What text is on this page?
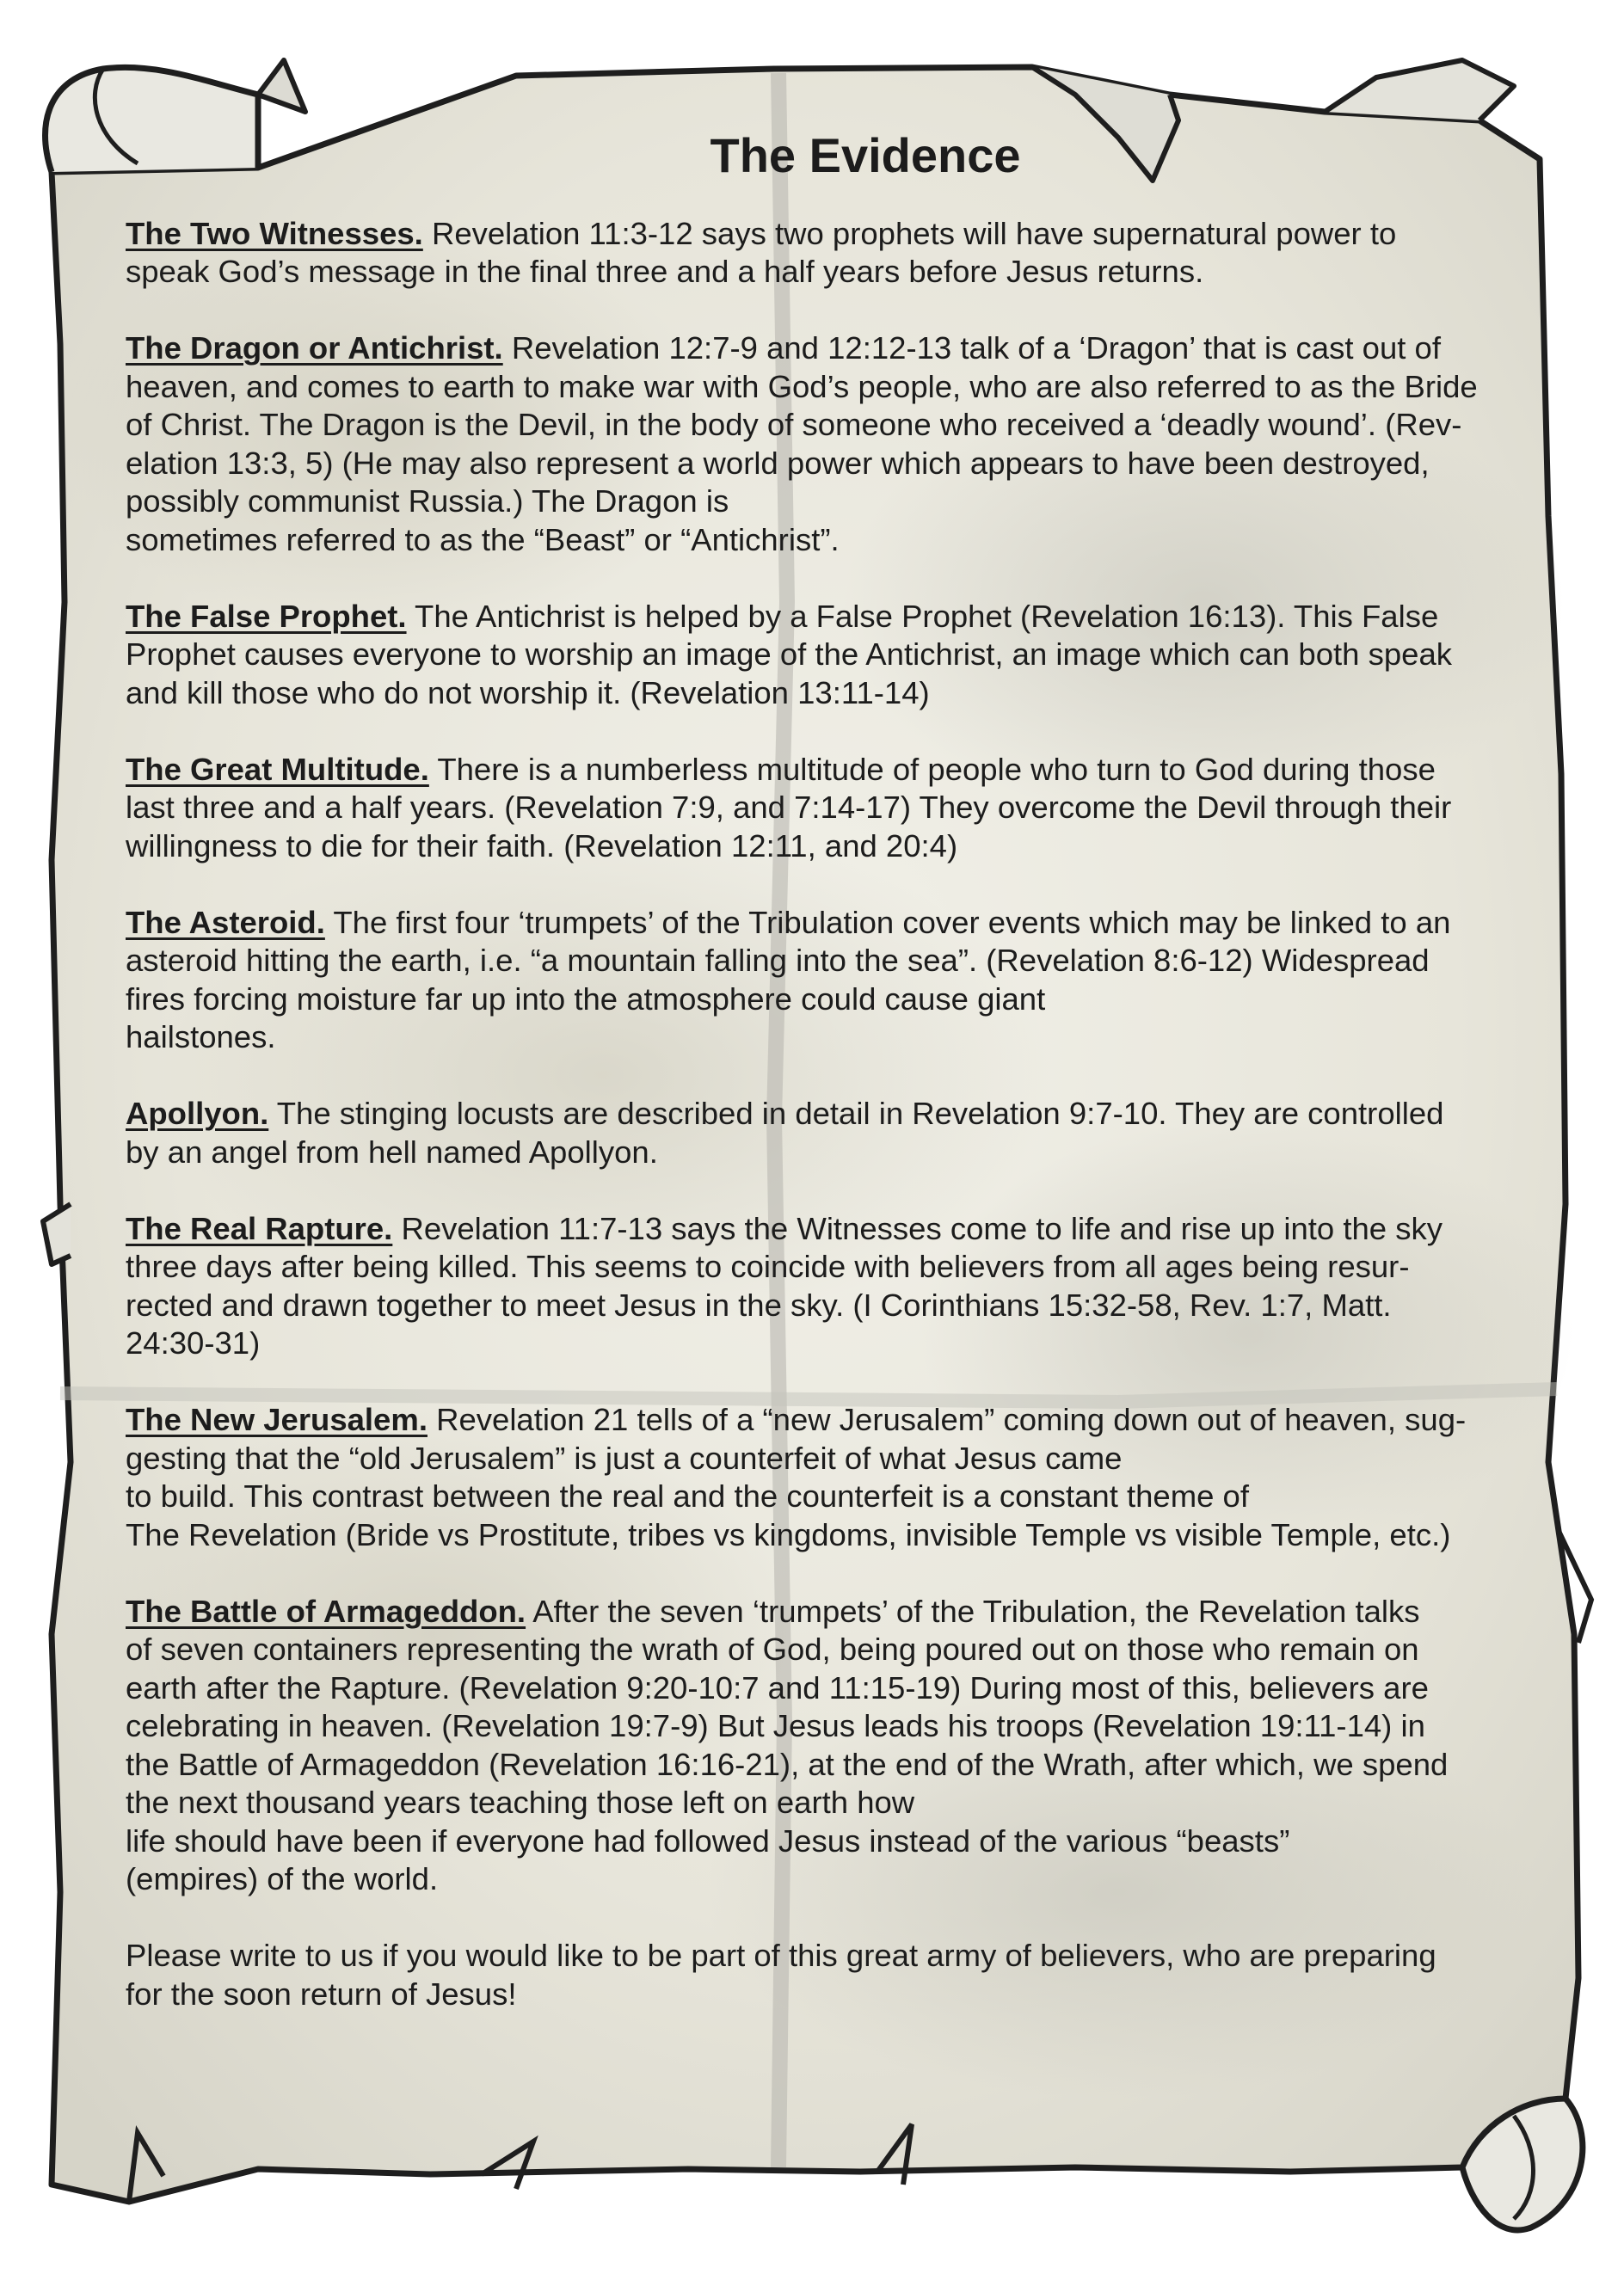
The Evidence
The Two Witnesses. Revelation 11:3-12 says two prophets will have supernatural power to
speak God’s message in the final three and a half years before Jesus returns.
The Dragon or Antichrist. Revelation 12:7-9 and 12:12-13 talk of a ‘Dragon’ that is cast out of
heaven, and comes to earth to make war with God’s people, who are also referred to as the Bride
of Christ. The Dragon is the Devil, in the body of someone who received a ‘deadly wound’. (Rev-
elation 13:3, 5) (He may also represent a world power which appears to have been destroyed,
possibly communist Russia.) The Dragon is
sometimes referred to as the “Beast” or “Antichrist”.
The False Prophet. The Antichrist is helped by a False Prophet (Revelation 16:13). This False
Prophet causes everyone to worship an image of the Antichrist, an image which can both speak
and kill those who do not worship it. (Revelation 13:11-14)
The Great Multitude. There is a numberless multitude of people who turn to God during those
last three and a half years. (Revelation 7:9, and 7:14-17) They overcome the Devil through their
willingness to die for their faith. (Revelation 12:11, and 20:4)
The Asteroid. The first four ‘trumpets’ of the Tribulation cover events which may be linked to an
asteroid hitting the earth, i.e. “a mountain falling into the sea”. (Revelation 8:6-12) Widespread
fires forcing moisture far up into the atmosphere could cause giant
hailstones.
Apollyon. The stinging locusts are described in detail in Revelation 9:7-10. They are controlled
by an angel from hell named Apollyon.
The Real Rapture. Revelation 11:7-13 says the Witnesses come to life and rise up into the sky
three days after being killed. This seems to coincide with believers from all ages being resur-
rected and drawn together to meet Jesus in the sky. (I Corinthians 15:32-58, Rev. 1:7, Matt.
24:30-31)
The New Jerusalem. Revelation 21 tells of a “new Jerusalem” coming down out of heaven, sug-
gesting that the “old Jerusalem” is just a counterfeit of what Jesus came
to build. This contrast between the real and the counterfeit is a constant theme of
The Revelation (Bride vs Prostitute, tribes vs kingdoms, invisible Temple vs visible Temple, etc.)
The Battle of Armageddon. After the seven ‘trumpets’ of the Tribulation, the Revelation talks
of seven containers representing the wrath of God, being poured out on those who remain on
earth after the Rapture. (Revelation 9:20-10:7 and 11:15-19) During most of this, believers are
celebrating in heaven. (Revelation 19:7-9) But Jesus leads his troops (Revelation 19:11-14) in
the Battle of Armageddon (Revelation 16:16-21), at the end of the Wrath, after which, we spend
the next thousand years teaching those left on earth how
life should have been if everyone had followed Jesus instead of the various “beasts”
(empires) of the world.
Please write to us if you would like to be part of this great army of believers, who are preparing
for the soon return of Jesus!
